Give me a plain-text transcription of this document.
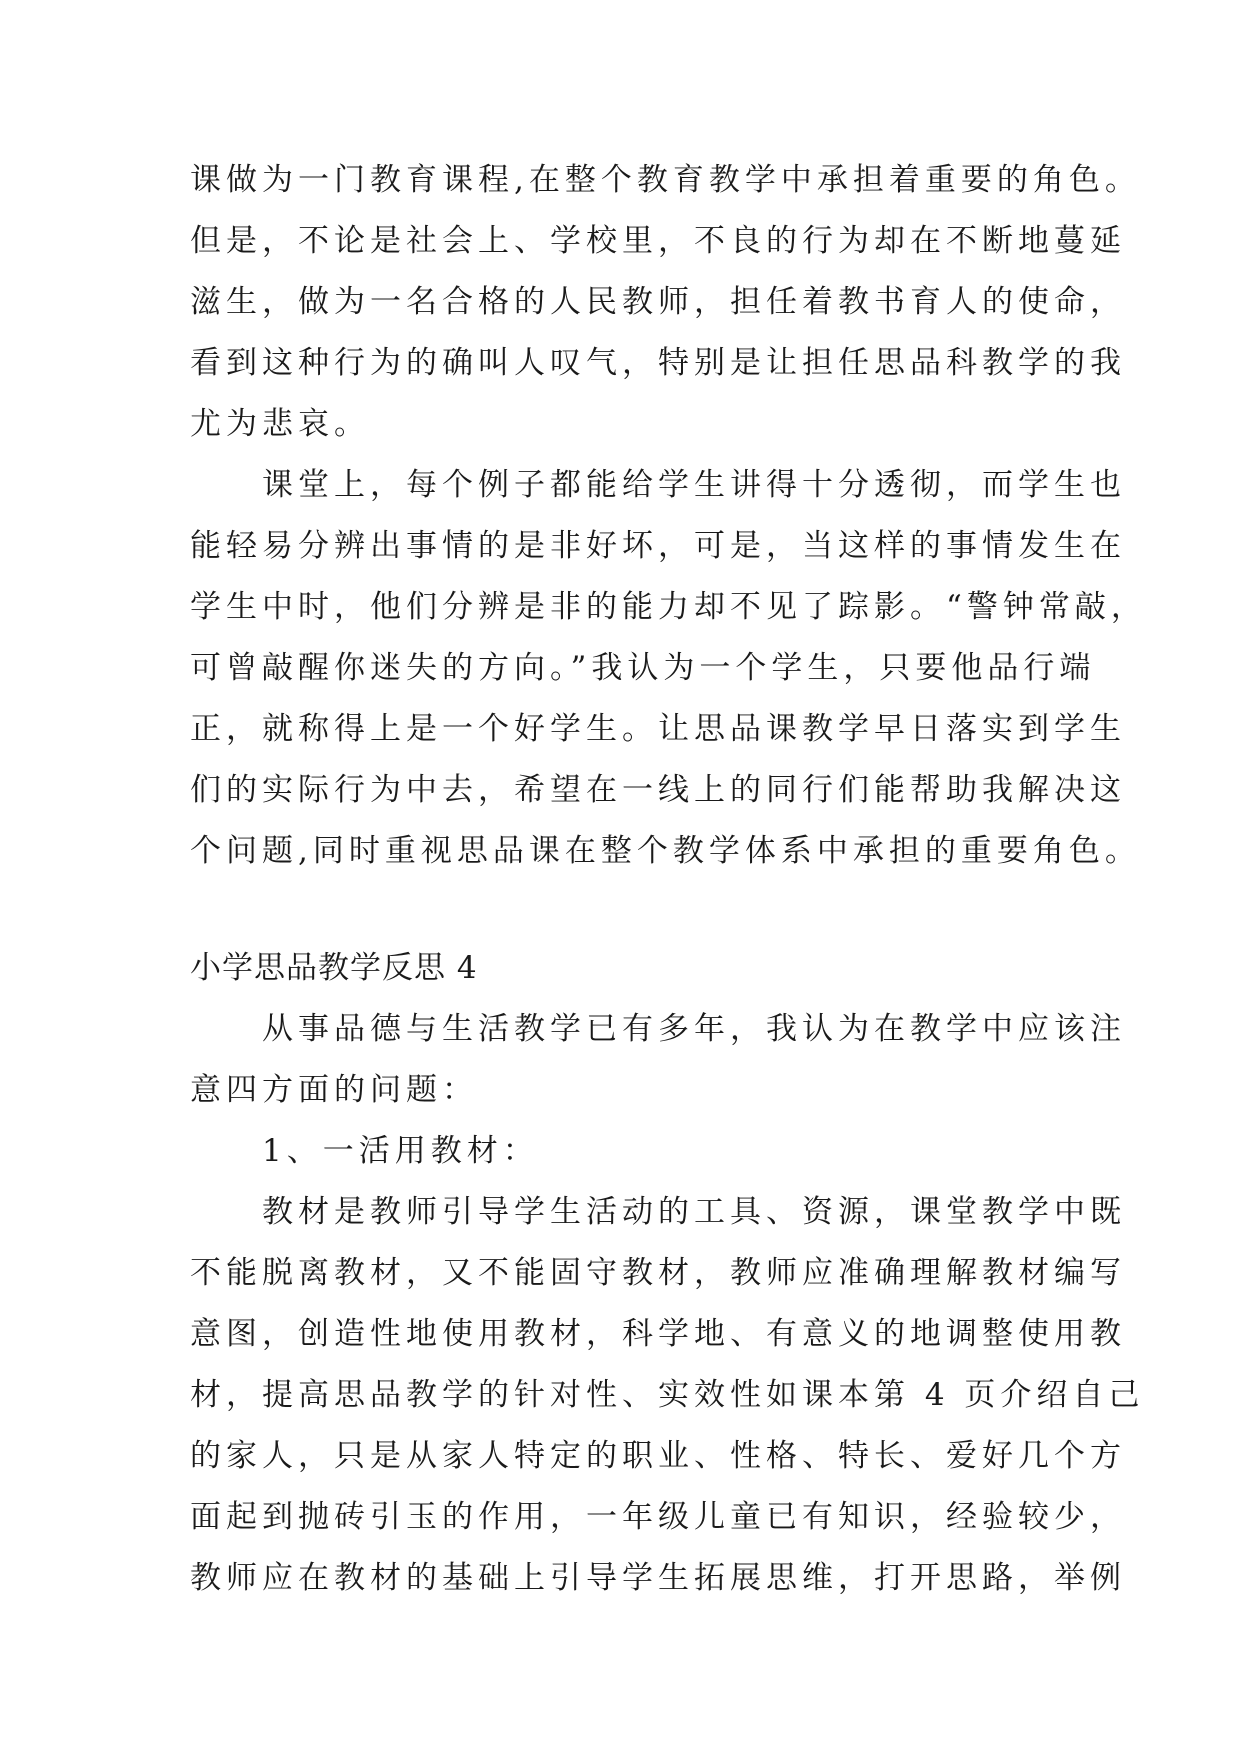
课做为一门教育课程,在整个教育教学中承担着重要的角色。
但是，不论是社会上、学校里，不良的行为却在不断地蔓延
滋生，做为一名合格的人民教师，担任着教书育人的使命，
看到这种行为的确叫人叹气，特别是让担任思品科教学的我
尤为悲哀。
　　课堂上，每个例子都能给学生讲得十分透彻，而学生也
能轻易分辨出事情的是非好坏，可是，当这样的事情发生在
学生中时，他们分辨是非的能力却不见了踪影。“警钟常敲，
可曾敲醒你迷失的方向。”我认为一个学生，只要他品行端
正，就称得上是一个好学生。让思品课教学早日落实到学生
们的实际行为中去，希望在一线上的同行们能帮助我解决这
个问题,同时重视思品课在整个教学体系中承担的重要角色。
小学思品教学反思 4
　　从事品德与生活教学已有多年，我认为在教学中应该注
意四方面的问题：
　　1、一活用教材：
　　教材是教师引导学生活动的工具、资源，课堂教学中既
不能脱离教材，又不能固守教材，教师应准确理解教材编写
意图，创造性地使用教材，科学地、有意义的地调整使用教
材，提高思品教学的针对性、实效性如课本第 4 页介绍自己
的家人，只是从家人特定的职业、性格、特长、爱好几个方
面起到抛砖引玉的作用，一年级儿童已有知识，经验较少，
教师应在教材的基础上引导学生拓展思维，打开思路，举例
